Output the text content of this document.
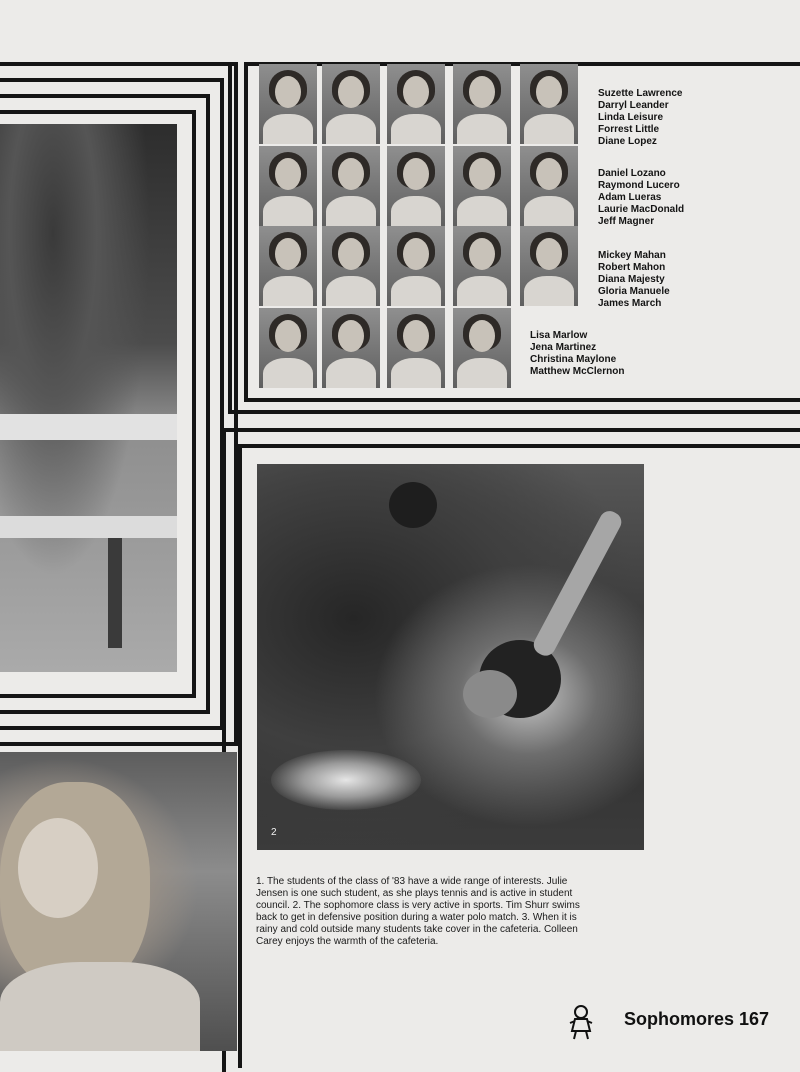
Suzette Lawrence
Darryl Leander
Linda Leisure
Forrest Little
Diane Lopez
Daniel Lozano
Raymond Lucero
Adam Lueras
Laurie MacDonald
Jeff Magner
Mickey Mahan
Robert Mahon
Diana Majesty
Gloria Manuele
James March
Lisa Marlow
Jena Martinez
Christina Maylone
Matthew McClernon
2

1. The students of the class of '83 have a wide range of interests. Julie Jensen is one such student, as she plays tennis and is active in student council. 2. The sophomore class is very active in sports. Tim Shurr swims back to get in defensive position during a water polo match. 3. When it is rainy and cold outside many students take cover in the cafeteria. Colleen Carey enjoys the warmth of the cafeteria.

Sophomores 167
